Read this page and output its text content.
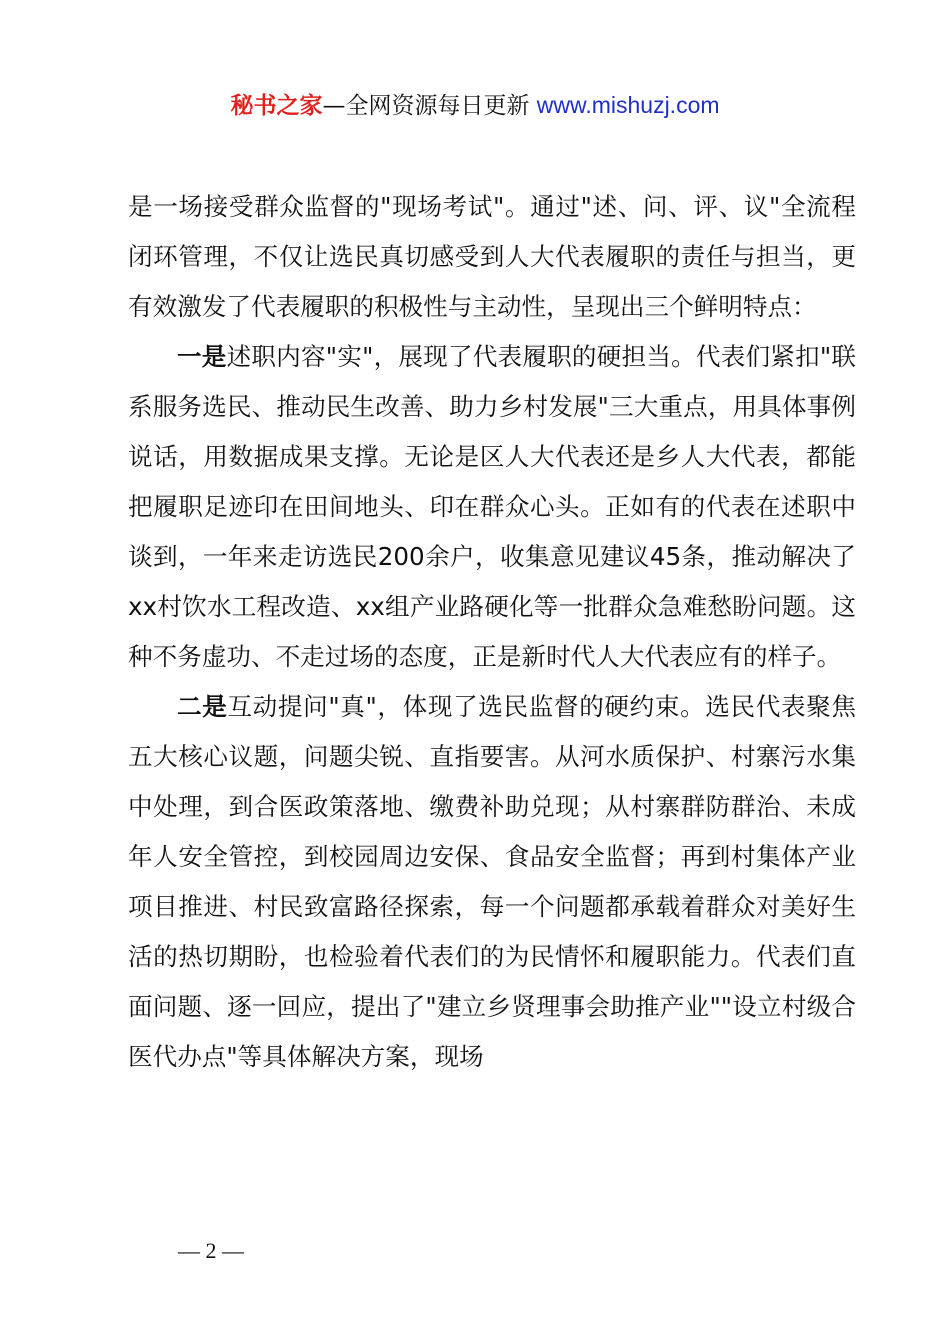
秘书之家—全网资源每日更新 www.mishuzj.com

是一场接受群众监督的"现场考试"。通过"述、问、评、议"全流程闭环管理，不仅让选民真切感受到人大代表履职的责任与担当，更有效激发了代表履职的积极性与主动性，呈现出三个鲜明特点：

一是述职内容"实"，展现了代表履职的硬担当。代表们紧扣"联系服务选民、推动民生改善、助力乡村发展"三大重点，用具体事例说话，用数据成果支撑。无论是区人大代表还是乡人大代表，都能把履职足迹印在田间地头、印在群众心头。正如有的代表在述职中谈到，一年来走访选民200余户，收集意见建议45条，推动解决了xx村饮水工程改造、xx组产业路硬化等一批群众急难愁盼问题。这种不务虚功、不走过场的态度，正是新时代人大代表应有的样子。

二是互动提问"真"，体现了选民监督的硬约束。选民代表聚焦五大核心议题，问题尖锐、直指要害。从河水质保护、村寨污水集中处理，到合医政策落地、缴费补助兑现；从村寨群防群治、未成年人安全管控，到校园周边安保、食品安全监督；再到村集体产业项目推进、村民致富路径探索，每一个问题都承载着群众对美好生活的热切期盼，也检验着代表们的为民情怀和履职能力。代表们直面问题、逐一回应，提出了"建立乡贤理事会助推产业""设立村级合医代办点"等具体解决方案，现场

— 2 —
